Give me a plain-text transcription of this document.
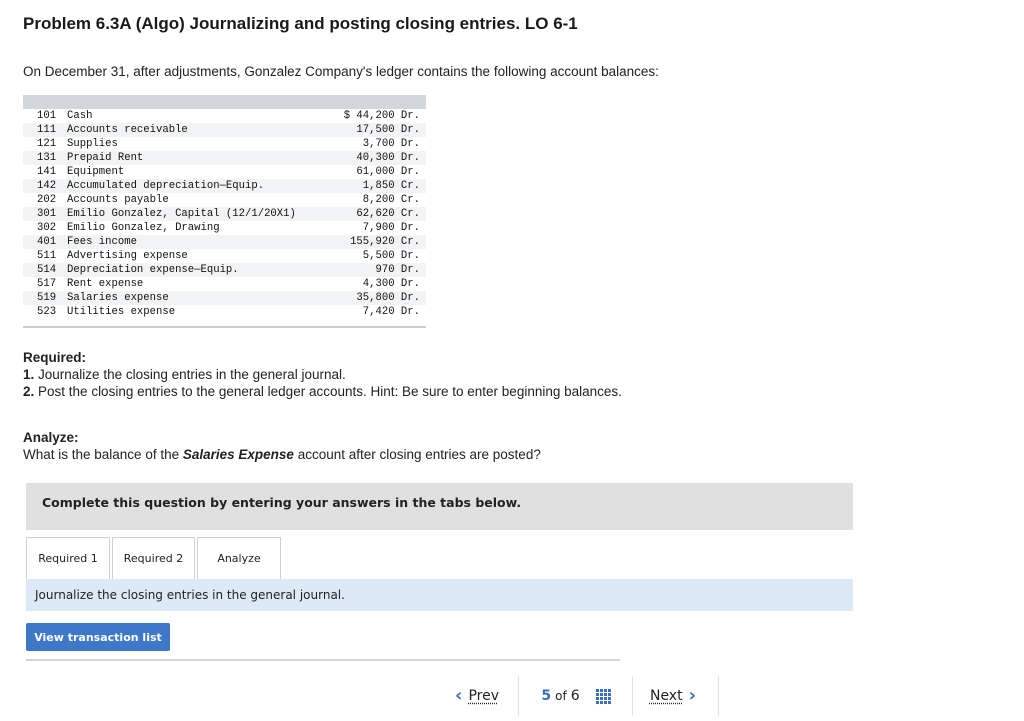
Problem 6.3A (Algo) Journalizing and posting closing entries. LO 6-1
On December 31, after adjustments, Gonzalez Company's ledger contains the following account balances:
101	Cash	$ 44,200 Dr.
111	Accounts receivable	17,500 Dr.
121	Supplies	3,700 Dr.
131	Prepaid Rent	40,300 Dr.
141	Equipment	61,000 Dr.
142	Accumulated depreciation—Equip.	1,850 Cr.
202	Accounts payable	8,200 Cr.
301	Emilio Gonzalez, Capital (12/1/20X1)	62,620 Cr.
302	Emilio Gonzalez, Drawing	7,900 Dr.
401	Fees income	155,920 Cr.
511	Advertising expense	5,500 Dr.
514	Depreciation expense—Equip.	970 Dr.
517	Rent expense	4,300 Dr.
519	Salaries expense	35,800 Dr.
523	Utilities expense	7,420 Dr.
Required:
1. Journalize the closing entries in the general journal.
2. Post the closing entries to the general ledger accounts. Hint: Be sure to enter beginning balances.
Analyze:
What is the balance of the Salaries Expense account after closing entries are posted?
Complete this question by entering your answers in the tabs below.
Required 1	Required 2	Analyze
Journalize the closing entries in the general journal.
View transaction list
‹ Prev	5 of 6	Next ›
